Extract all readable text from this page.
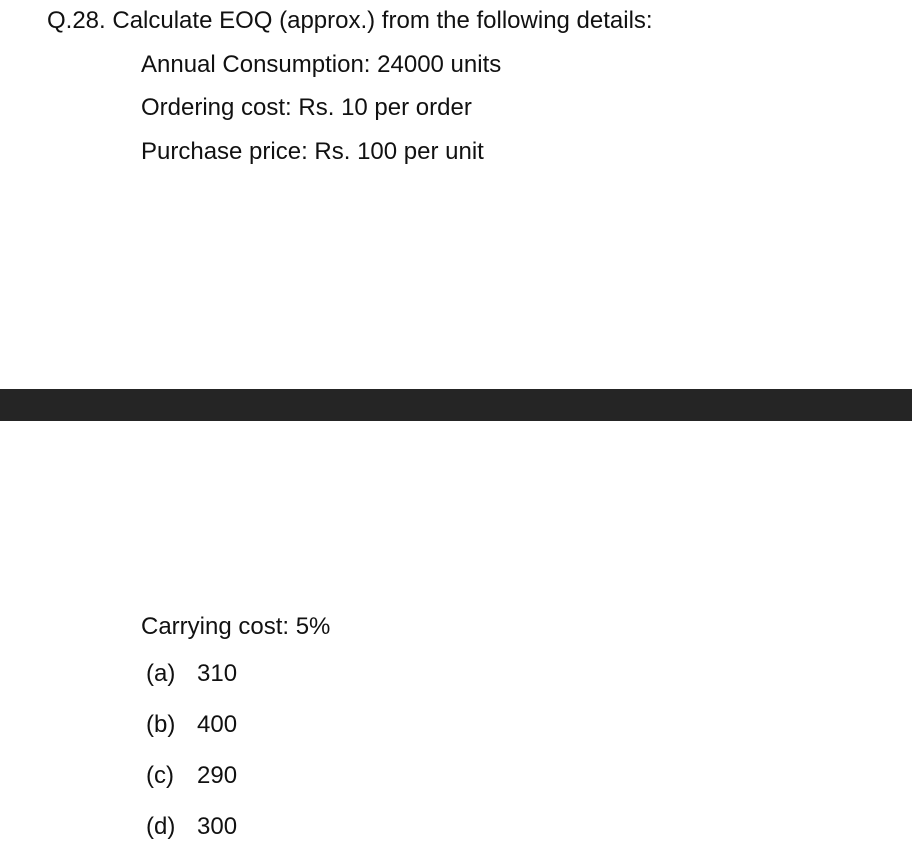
Q.28. Calculate EOQ (approx.) from the following details:
Annual Consumption: 24000 units
Ordering cost: Rs. 10 per order
Purchase price: Rs. 100 per unit
Carrying cost: 5%
(a) 310
(b) 400
(c) 290
(d) 300
